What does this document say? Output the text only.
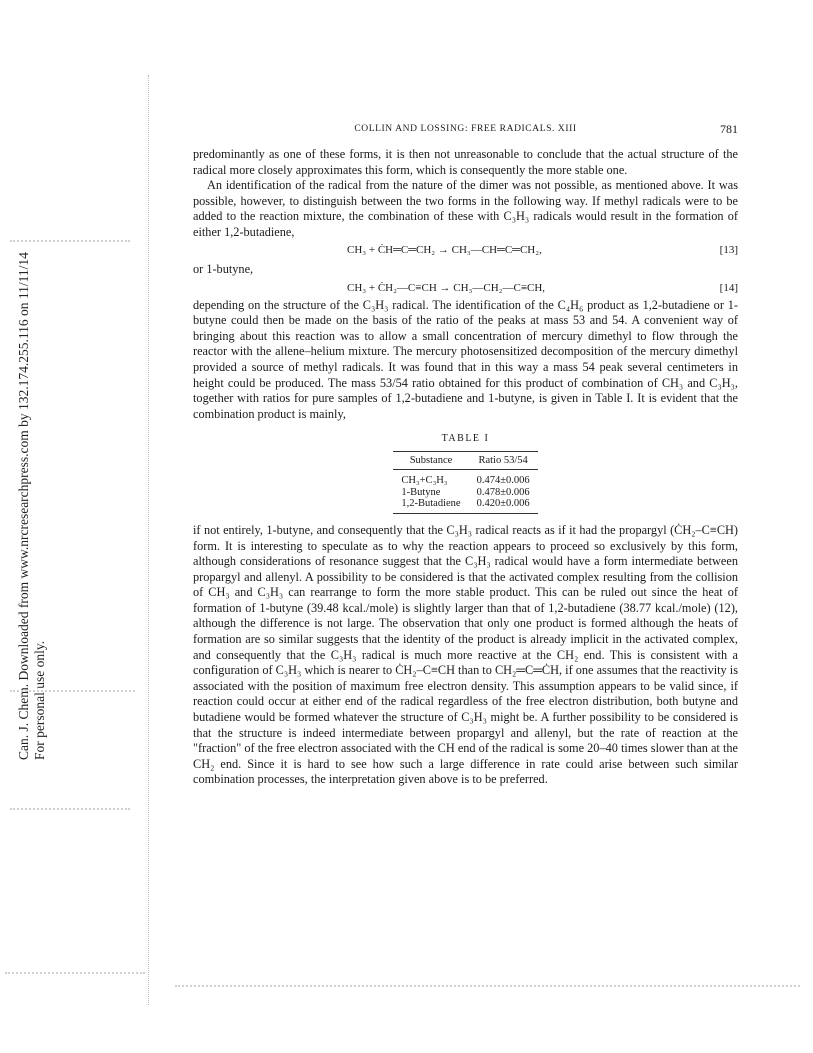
Can. J. Chem. Downloaded from www.nrcresearchpress.com by 132.174.255.116 on 11/11/14 For personal use only.
COLLIN AND LOSSING: FREE RADICALS. XIII	781

predominantly as one of these forms, it is then not unreasonable to conclude that the actual structure of the radical more closely approximates this form, which is consequently the more stable one.

An identification of the radical from the nature of the dimer was not possible, as mentioned above. It was possible, however, to distinguish between the two forms in the following way. If methyl radicals were to be added to the reaction mixture, the combination of these with C₃H₃ radicals would result in the formation of either 1,2-butadiene,

CH₃ + ĊH═C═CH₂ → CH₃—CH═C═CH₂,	[13]
or 1-butyne,
CH₃ + ĊH₂—C≡CH → CH₃—CH₂—C≡CH,	[14]

depending on the structure of the C₃H₃ radical. The identification of the C₄H₆ product as 1,2-butadiene or 1-butyne could then be made on the basis of the ratio of the peaks at mass 53 and 54. A convenient way of bringing about this reaction was to allow a small concentration of mercury dimethyl to flow through the reactor with the allene–helium mixture. The mercury photosensitized decomposition of the mercury dimethyl provided a source of methyl radicals. It was found that in this way a mass 54 peak several centimeters in height could be produced. The mass 53/54 ratio obtained for this product of combination of CH₃ and C₃H₃, together with ratios for pure samples of 1,2-butadiene and 1-butyne, is given in Table I. It is evident that the combination product is mainly,

TABLE I
Substance	Ratio 53/54
CH₃+C₃H₃	0.474±0.006
1-Butyne	0.478±0.006
1,2-Butadiene	0.420±0.006

if not entirely, 1-butyne, and consequently that the C₃H₃ radical reacts as if it had the propargyl (ĊH₂–C≡CH) form. It is interesting to speculate as to why the reaction appears to proceed so exclusively by this form, although considerations of resonance suggest that the C₃H₃ radical would have a form intermediate between propargyl and allenyl. A possibility to be considered is that the activated complex resulting from the collision of CH₃ and C₃H₃ can rearrange to form the more stable product. This can be ruled out since the heat of formation of 1-butyne (39.48 kcal./mole) is slightly larger than that of 1,2-butadiene (38.77 kcal./mole) (12), although the difference is not large. The observation that only one product is formed although the heats of formation are so similar suggests that the identity of the product is already implicit in the activated complex, and consequently that the C₃H₃ radical is much more reactive at the CH₂ end. This is consistent with a configuration of C₃H₃ which is nearer to ĊH₂–C≡CH than to CH₂═C═ĊH, if one assumes that the reactivity is associated with the position of maximum free electron density. This assumption appears to be valid since, if reaction could occur at either end of the radical regardless of the free electron distribution, both butyne and butadiene would be formed whatever the structure of C₃H₃ might be. A further possibility to be considered is that the structure is indeed intermediate between propargyl and allenyl, but the rate of reaction at the "fraction" of the free electron associated with the CH end of the radical is some 20–40 times slower than at the CH₂ end. Since it is hard to see how such a large difference in rate could arise between such similar combination processes, the interpretation given above is to be preferred.
